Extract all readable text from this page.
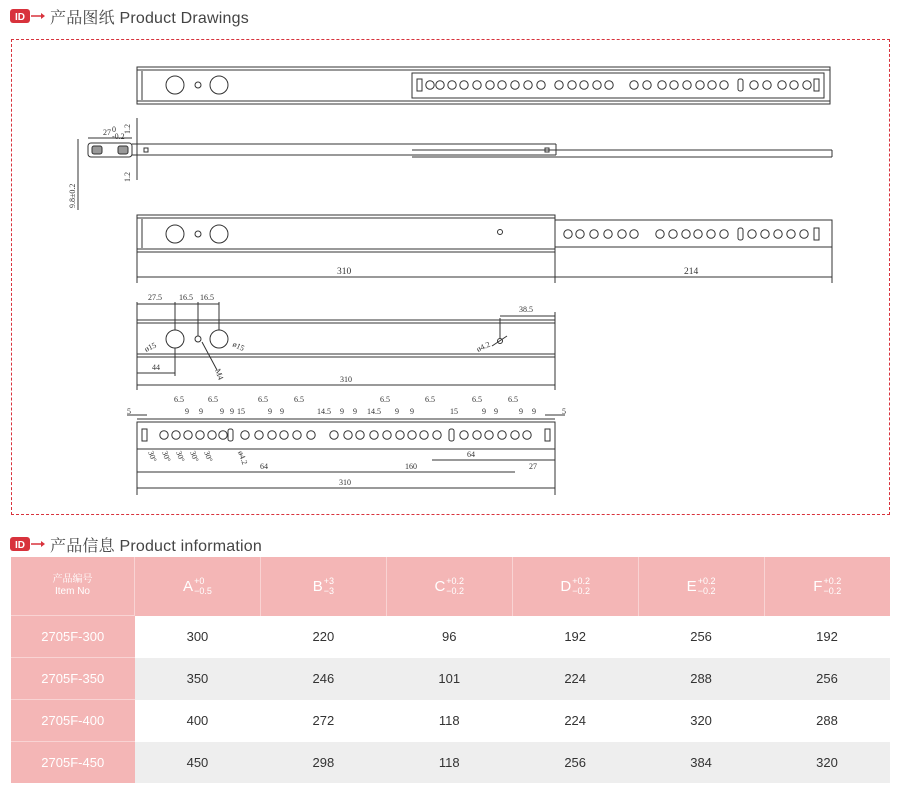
ID 产品图纸 Product Drawings
27 0
-0.2
1.2
1.2
9.8±0.2
310	214
27.5 16.5 16.5
38.5
ø15	ø15	ø4.2
M4
44
310
5
6.5
9 9
6.5
9 9 15
6.5
9 9
6.5
14.5 9 9 14.5
6.5
9 9
6.5
15
6.5
9 9
6.5
9 9	5
30° 30° 30° 30° 30°	ø4.2
64	160
64
27
310
ID 产品信息 Product information
产品编号
Item No	A +0
−0.5	B +3
−3	C +0.2
−0.2	D +0.2
−0.2	E +0.2
−0.2	F +0.2
−0.2

2705F-300	300	220	96	192	256	192
2705F-350	350	246	101	224	288	256
2705F-400	400	272	118	224	320	288
2705F-450	450	298	118	256	384	320
